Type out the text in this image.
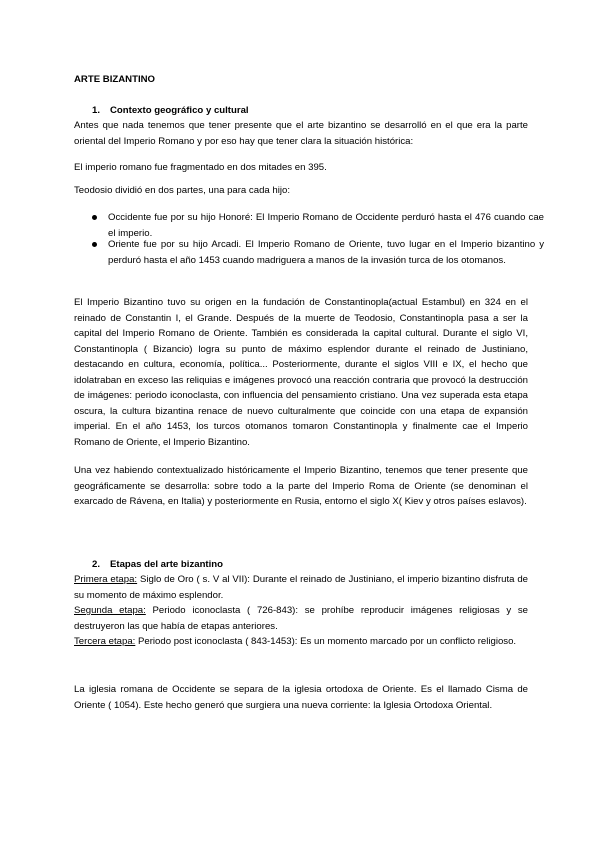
ARTE BIZANTINO

1. Contexto geográfico y cultural

Antes que nada tenemos que tener presente que el arte bizantino se desarrolló en el que era la parte oriental del Imperio Romano y por eso hay que tener clara la situación histórica:

El imperio romano fue fragmentado en dos mitades en 395.

Teodosio dividió en dos partes, una para cada hijo:

Occidente fue por su hijo Honoré: El Imperio Romano de Occidente perduró hasta el 476 cuando cae el imperio.
Oriente fue por su hijo Arcadi. El Imperio Romano de Oriente, tuvo lugar en el Imperio bizantino y perduró hasta el año 1453 cuando madriguera a manos de la invasión turca de los otomanos.

El Imperio Bizantino tuvo su origen en la fundación de Constantinopla(actual Estambul) en 324 en el reinado de Constantin I, el Grande. Después de la muerte de Teodosio, Constantinopla pasa a ser la capital del Imperio Romano de Oriente. También es considerada la capital cultural. Durante el siglo VI, Constantinopla ( Bizancio) logra su punto de máximo esplendor durante el reinado de Justiniano, destacando en cultura, economía, política... Posteriormente, durante el siglos VIII e IX, el hecho que idolatraban en exceso las reliquias e imágenes provocó una reacción contraria que provocó la destrucción de imágenes: periodo iconoclasta, con influencia del pensamiento cristiano. Una vez superada esta etapa oscura, la cultura bizantina renace de nuevo culturalmente que coincide con una etapa de expansión imperial. En el año 1453, los turcos otomanos tomaron Constantinopla y finalmente cae el Imperio Romano de Oriente, el Imperio Bizantino.

Una vez habiendo contextualizado históricamente el Imperio Bizantino, tenemos que tener presente que geográficamente se desarrolla: sobre todo a la parte del Imperio Roma de Oriente (se denominan el exarcado de Rávena, en Italia) y posteriormente en Rusia, entorno el siglo X( Kiev y otros países eslavos).

2. Etapas del arte bizantino

Primera etapa: Siglo de Oro ( s. V al VII): Durante el reinado de Justiniano, el imperio bizantino disfruta de su momento de máximo esplendor.

Segunda etapa: Periodo iconoclasta ( 726-843): se prohíbe reproducir imágenes religiosas y se destruyeron las que había de etapas anteriores.

Tercera etapa: Periodo post iconoclasta ( 843-1453): Es un momento marcado por un conflicto religioso.

La iglesia romana de Occidente se separa de la iglesia ortodoxa de Oriente. Es el llamado Cisma de Oriente ( 1054). Este hecho generó que surgiera una nueva corriente: la Iglesia Ortodoxa Oriental.
